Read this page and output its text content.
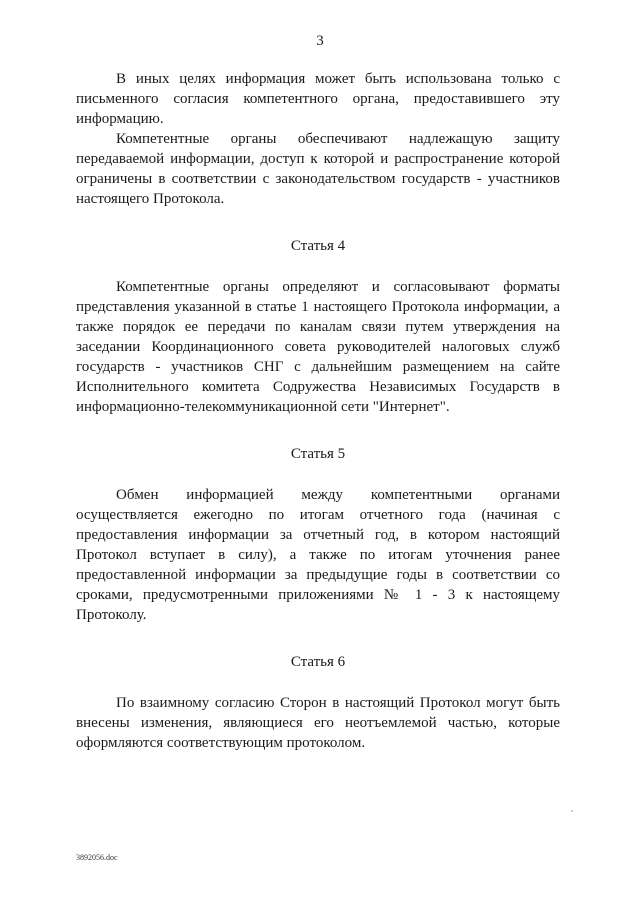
3

В иных целях информация может быть использована только с письменного согласия компетентного органа, предоставившего эту информацию.

Компетентные органы обеспечивают надлежащую защиту передаваемой информации, доступ к которой и распространение которой ограничены в соответствии с законодательством государств - участников настоящего Протокола.

Статья 4

Компетентные органы определяют и согласовывают форматы представления указанной в статье 1 настоящего Протокола информации, а также порядок ее передачи по каналам связи путем утверждения на заседании Координационного совета руководителей налоговых служб государств - участников СНГ с дальнейшим размещением на сайте Исполнительного комитета Содружества Независимых Государств в информационно-телекоммуникационной сети "Интернет".

Статья 5

Обмен информацией между компетентными органами осуществляется ежегодно по итогам отчетного года (начиная с предоставления информации за отчетный год, в котором настоящий Протокол вступает в силу), а также по итогам уточнения ранее предоставленной информации за предыдущие годы в соответствии со сроками, предусмотренными приложениями № 1 - 3 к настоящему Протоколу.

Статья 6

По взаимному согласию Сторон в настоящий Протокол могут быть внесены изменения, являющиеся его неотъемлемой частью, которые оформляются соответствующим протоколом.

3892056.doc
